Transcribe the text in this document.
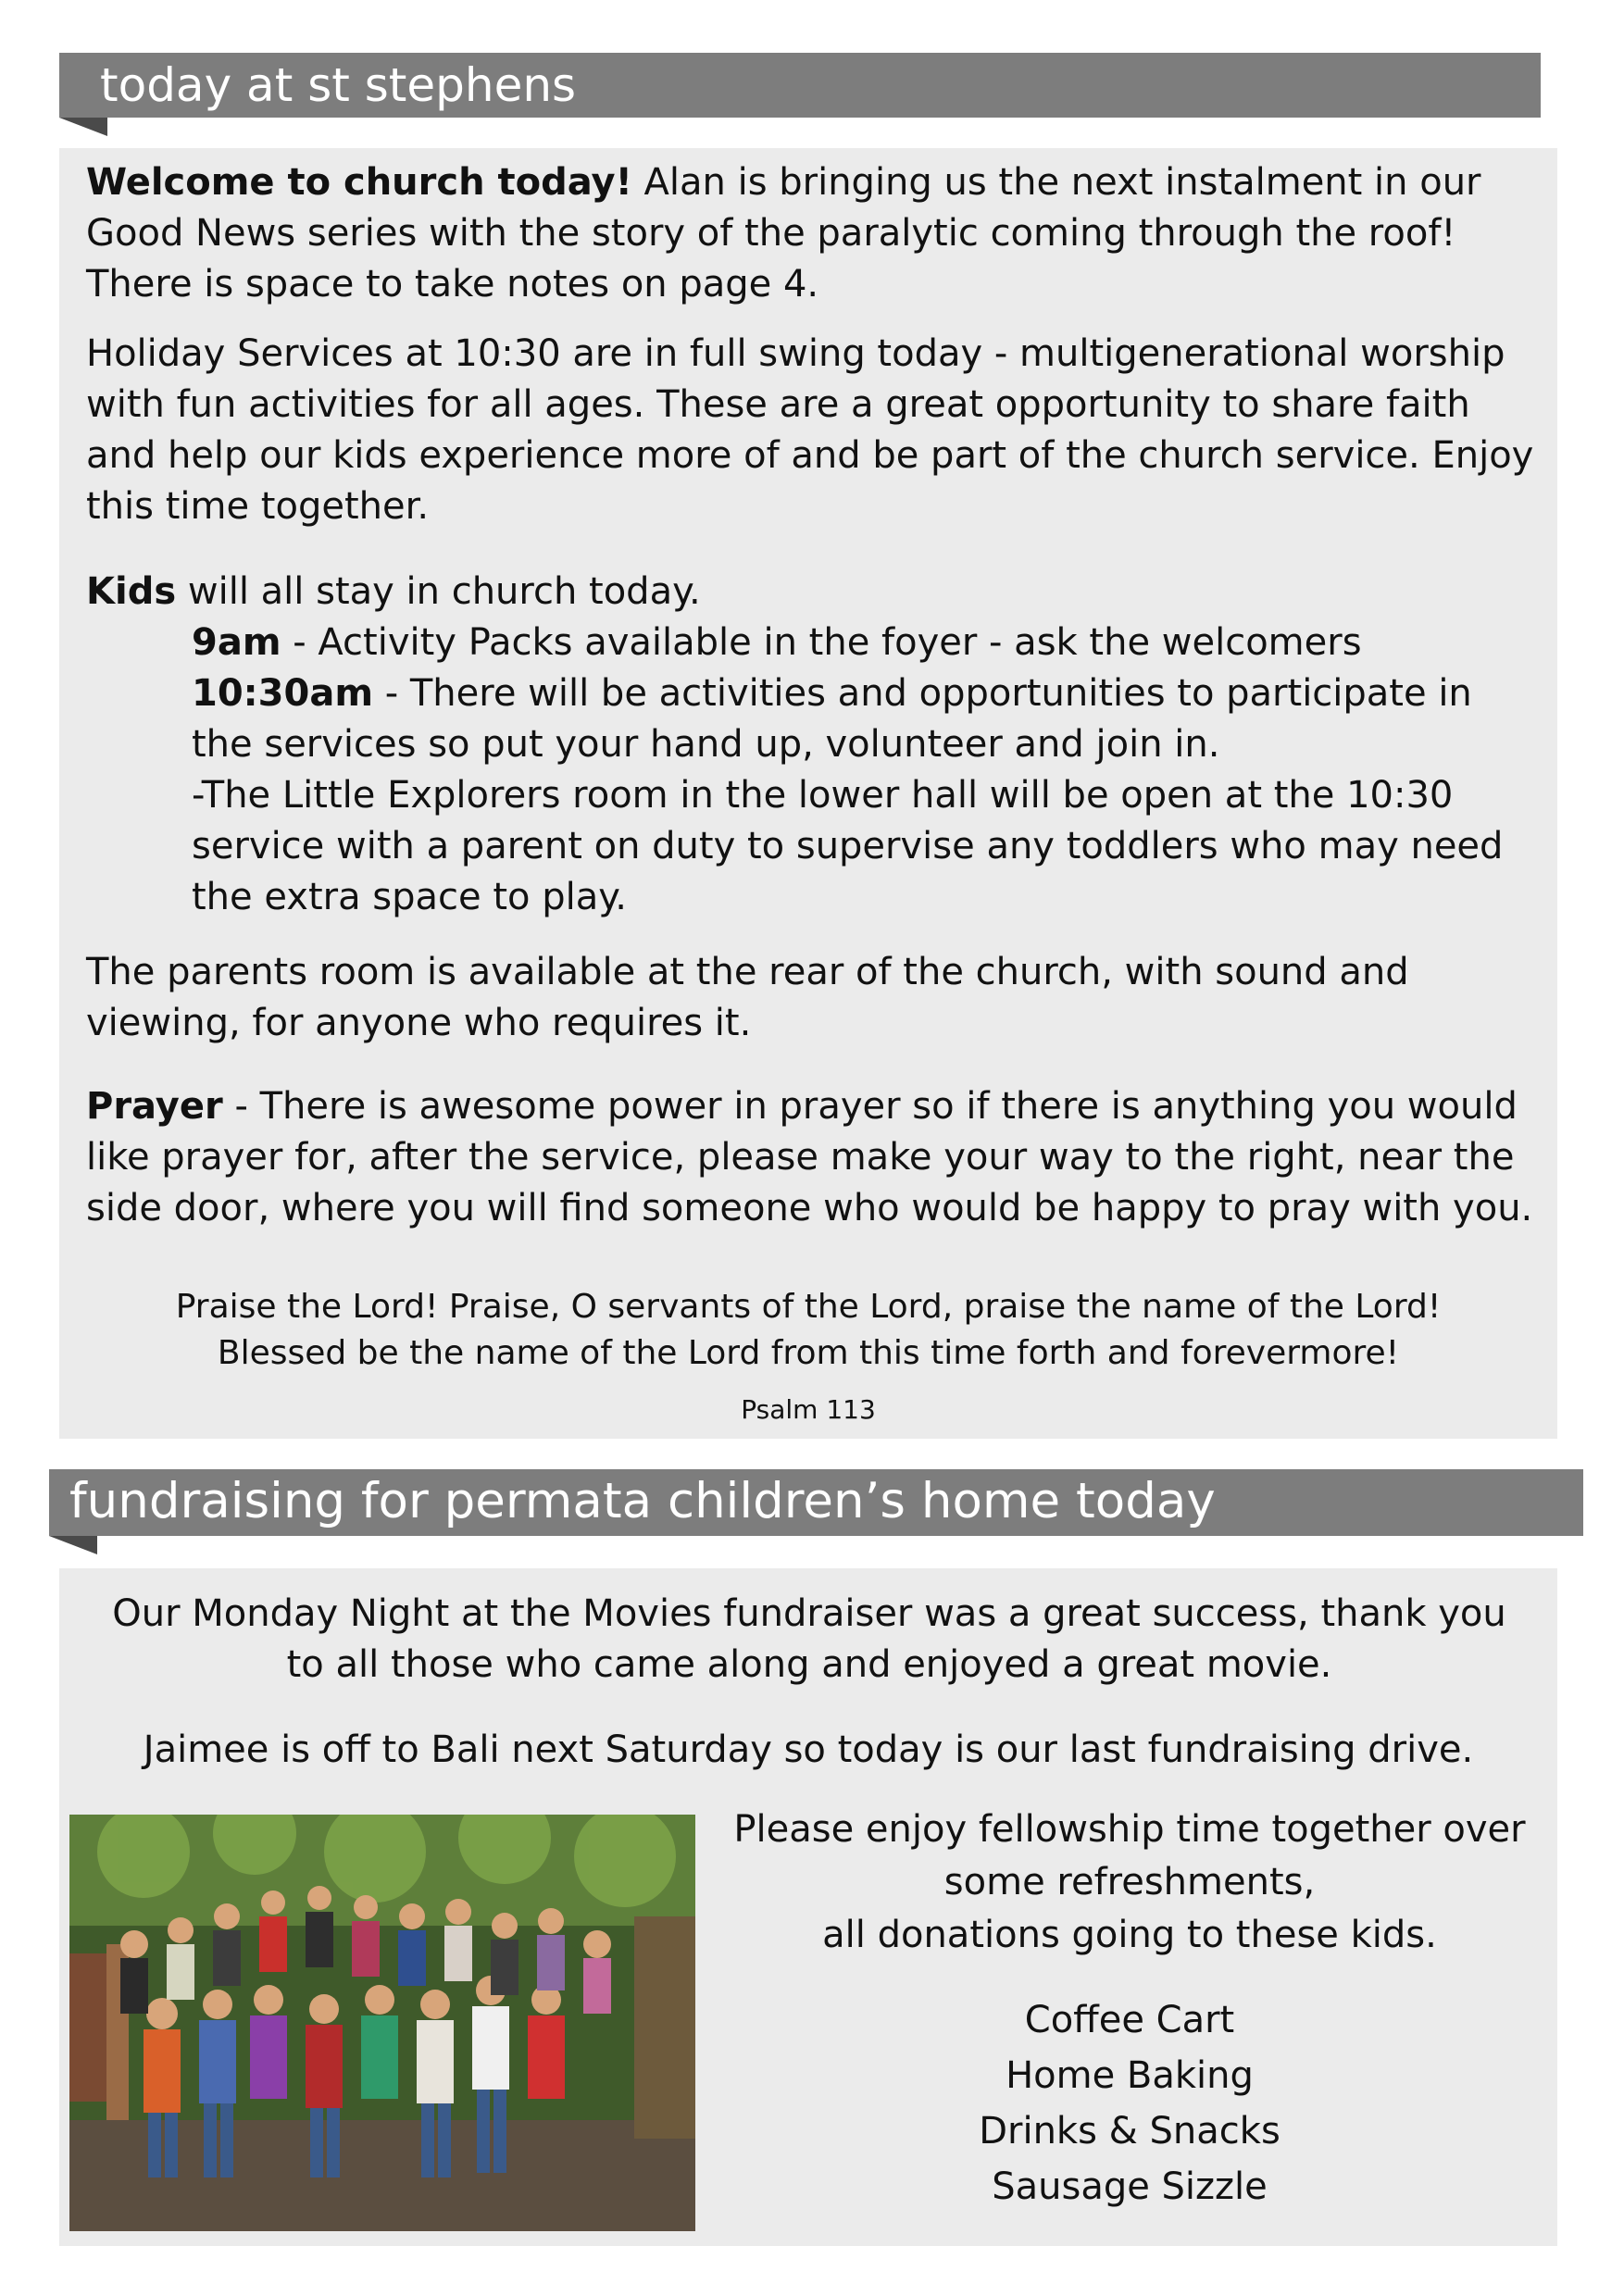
today at st stephens
Welcome to church today! Alan is bringing us the next instalment in our Good News series with the story of the paralytic coming through the roof! There is space to take notes on page 4.
Holiday Services at 10:30 are in full swing today - multigenerational worship with fun activities for all ages. These are a great opportunity to share faith and help our kids experience more of and be part of the church service. Enjoy this time together.
Kids will all stay in church today.
9am - Activity Packs available in the foyer - ask the welcomers
10:30am - There will be activities and opportunities to participate in the services so put your hand up, volunteer and join in.
-The Little Explorers room in the lower hall will be open at the 10:30 service with a parent on duty to supervise any toddlers who may need the extra space to play.
The parents room is available at the rear of the church, with sound and viewing, for anyone who requires it.
Prayer - There is awesome power in prayer so if there is anything you would like prayer for, after the service, please make your way to the right, near the side door, where you will find someone who would be happy to pray with you.
Praise the Lord! Praise, O servants of the Lord, praise the name of the Lord!
Blessed be the name of the Lord from this time forth and forevermore!
Psalm 113
fundraising for permata children’s home today
Our Monday Night at the Movies fundraiser was a great success, thank you to all those who came along and enjoyed a great movie.
Jaimee is off to Bali next Saturday so today is our last fundraising drive.
Please enjoy fellowship time together over
some refreshments,
all donations going to these kids.
Coffee Cart
Home Baking
Drinks & Snacks
Sausage Sizzle
